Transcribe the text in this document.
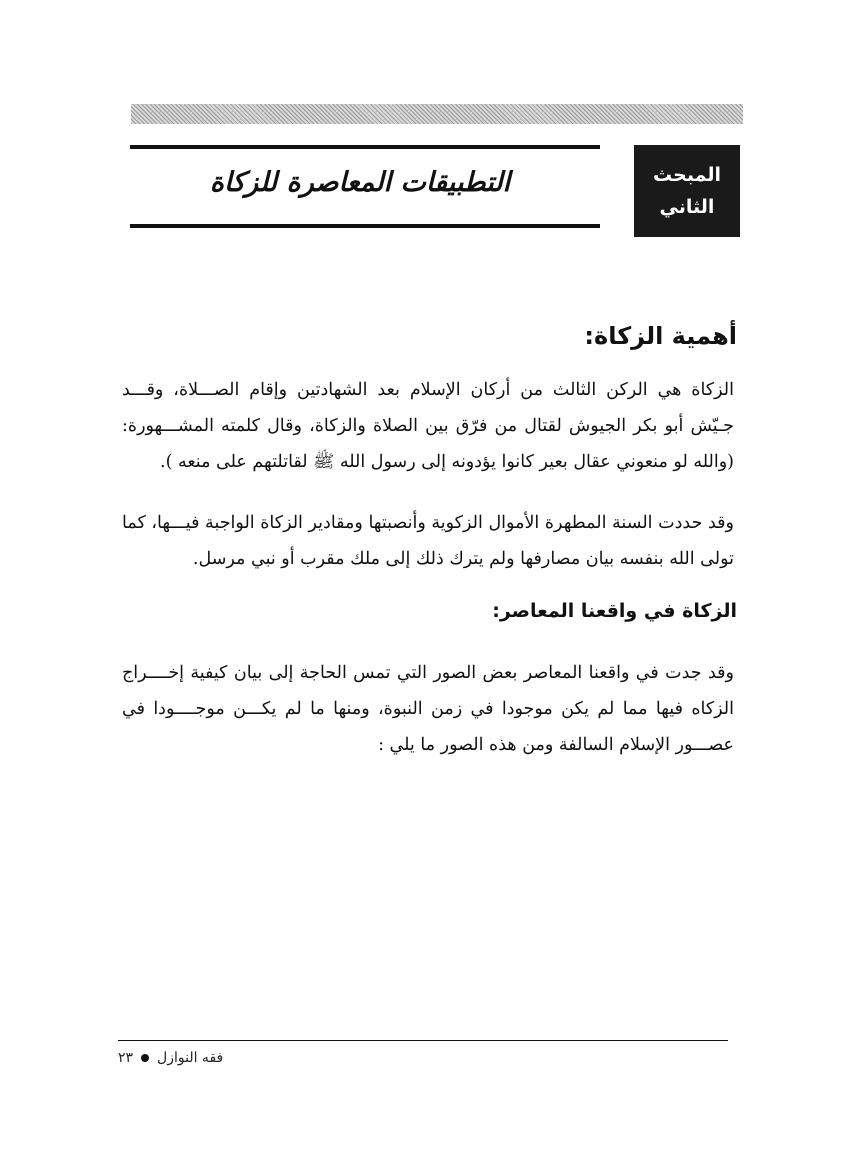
المبحث
الثاني
التطبيقات المعاصرة للزكاة
أهمية الزكاة:

الزكاة هي الركن الثالث من أركان الإسلام بعد الشهادتين وإقام الصـــلاة، وقـــد جـيّش أبو بكر الجيوش لقتال من فرّق بين الصلاة والزكاة، وقال كلمته المشـــهورة: (والله لو منعوني عقال بعير كانوا يؤدونه إلى رسول الله ﷺ لقاتلتهم على منعه ).

وقد حددت السنة المطهرة الأموال الزكوية وأنصبتها ومقادير الزكاة الواجبة فيـــها، كما تولى الله بنفسه بيان مصارفها ولم يترك ذلك إلى ملك مقرب أو نبي مرسل.

الزكاة في واقعنا المعاصر:

وقد جدت في واقعنا المعاصر بعض الصور التي تمس الحاجة إلى بيان كيفية إخــــراج الزكاه فيها مما لم يكن موجودا في زمن النبوة، ومنها ما لم يكـــن موجــــودا في عصـــور الإسلام السالفة ومن هذه الصور ما يلي :

فقه النوازل
٢٣
